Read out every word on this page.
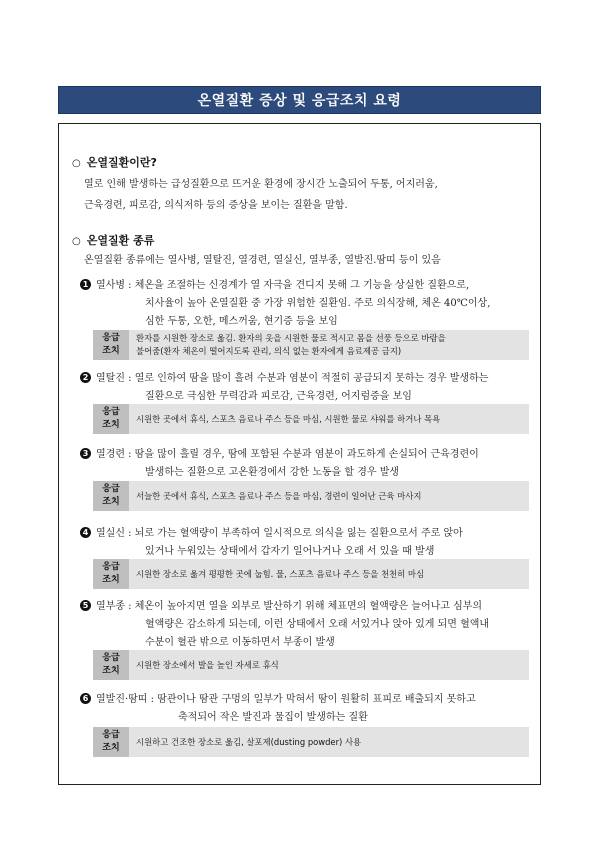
온열질환 증상 및 응급조치 요령
○ 온열질환이란?
열로 인해 발생하는 급성질환으로 뜨거운 환경에 장시간 노출되어 두통, 어지러움,
근육경련, 피로감, 의식저하 등의 증상을 보이는 질환을 말함.
○ 온열질환 종류
온열질환 종류에는 열사병, 열탈진, 열경련, 열실신, 열부종, 열발진.땀띠 등이 있음
1 열사병 : 체온을 조절하는 신경계가 열 자극을 견디지 못해 그 기능을 상실한 질환으로,
치사율이 높아 온열질환 중 가장 위험한 질환임. 주로 의식장해, 체온 40℃이상,
심한 두통, 오한, 메스꺼움, 현기증 등을 보임
응급
조치
환자를 시원한 장소로 옮김. 환자의 옷을 시원한 물로 적시고 몸을 선풍 등으로 바람을
불어줌(환자 체온이 떨어지도록 관리, 의식 없는 환자에게 음료제공 금지)
2 열탈진 : 열로 인하여 땀을 많이 흘려 수분과 염분이 적절히 공급되지 못하는 경우 발생하는
질환으로 극심한 무력감과 피로감, 근육경련, 어지럼증을 보임
응급
조치
시원한 곳에서 휴식, 스포츠 음료나 주스 등을 마심, 시원한 물로 샤워를 하거나 목욕
3 열경련 : 땀을 많이 흘릴 경우, 땀에 포함된 수분과 염분이 과도하게 손실되어 근육경련이
발생하는 질환으로 고온환경에서 강한 노동을 할 경우 발생
응급
조치
서늘한 곳에서 휴식, 스포츠 음료나 주스 등을 마심, 경련이 일어난 근육 마사지
4 열실신 : 뇌로 가는 혈액량이 부족하여 일시적으로 의식을 잃는 질환으로서 주로 앉아
있거나 누워있는 상태에서 갑자기 일어나거나 오래 서 있을 때 발생
응급
조치
시원한 장소로 옮겨 평평한 곳에 눕힘. 물, 스포츠 음료나 주스 등을 천천히 마심
5 열부종 : 체온이 높아지면 열을 외부로 발산하기 위해 체표면의 혈액량은 늘어나고 심부의
혈액량은 감소하게 되는데, 이런 상태에서 오래 서있거나 앉아 있게 되면 혈액내
수분이 혈관 밖으로 이동하면서 부종이 발생
응급
조치
시원한 장소에서 발을 높인 자세로 휴식
6 열발진·땀띠 : 땀관이나 땀관 구멍의 일부가 막혀서 땀이 원활히 표피로 배출되지 못하고
축적되어 작은 발진과 물집이 발생하는 질환
응급
조치
시원하고 건조한 장소로 옮김, 살포제(dusting powder) 사용
